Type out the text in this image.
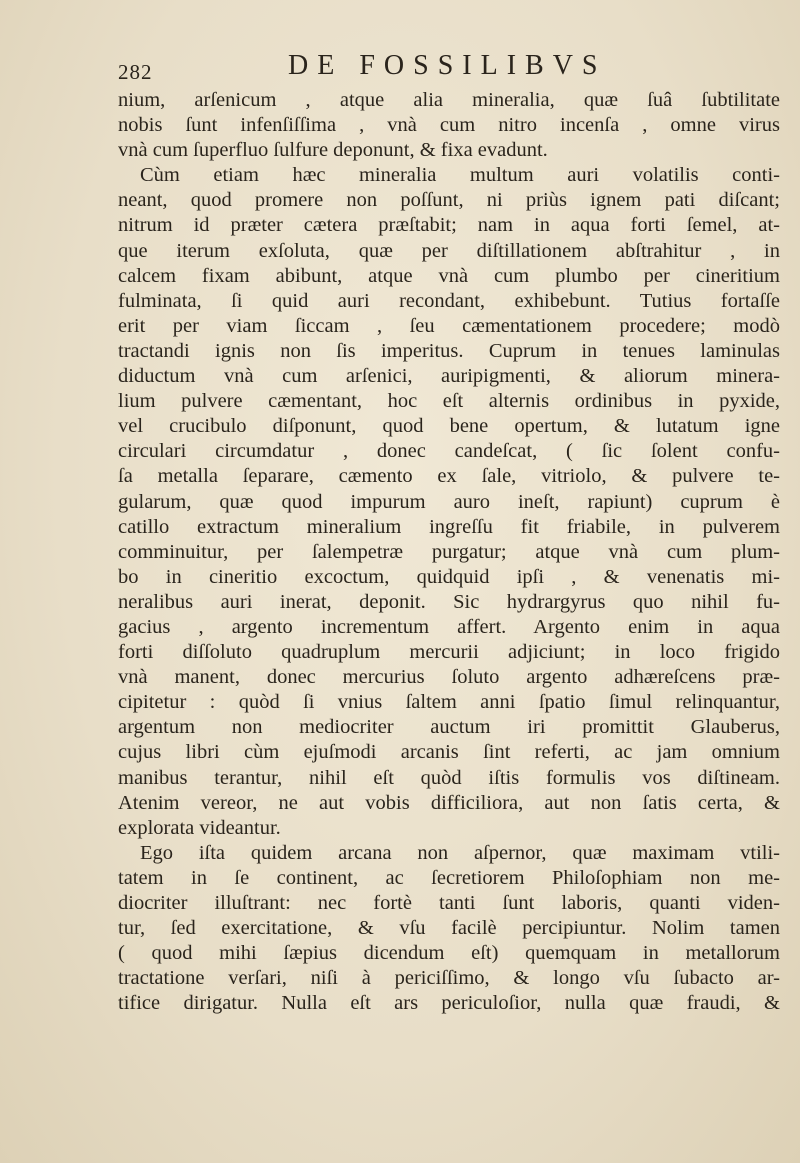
282	DE FOSSILIBVS
nium, arſenicum , atque alia mineralia, quæ ſuâ ſubtilitate
nobis ſunt infenſiſſima , vnà cum nitro incenſa , omne virus
vnà cum ſuperfluo ſulfure deponunt, & fixa evadunt.
Cùm etiam hæc mineralia multum auri volatilis conti-
neant, quod promere non poſſunt, ni priùs ignem pati diſcant;
nitrum id præter cætera præſtabit; nam in aqua forti ſemel, at-
que iterum exſoluta, quæ per diſtillationem abſtrahitur , in
calcem fixam abibunt, atque vnà cum plumbo per cineritium
fulminata, ſi quid auri recondant, exhibebunt. Tutius fortaſſe
erit per viam ſiccam , ſeu cæmentationem procedere; modò
tractandi ignis non ſis imperitus. Cuprum in tenues laminulas
diductum vnà cum arſenici, auripigmenti, & aliorum minera-
lium pulvere cæmentant, hoc eſt alternis ordinibus in pyxide,
vel crucibulo diſponunt, quod bene opertum, & lutatum igne
circulari circumdatur , donec candeſcat, ( ſic ſolent confu-
ſa metalla ſeparare, cæmento ex ſale, vitriolo, & pulvere te-
gularum, quæ quod impurum auro ineſt, rapiunt) cuprum è
catillo extractum mineralium ingreſſu fit friabile, in pulverem
comminuitur, per ſalempetræ purgatur; atque vnà cum plum-
bo in cineritio excoctum, quidquid ipſi , & venenatis mi-
neralibus auri inerat, deponit. Sic hydrargyrus quo nihil fu-
gacius , argento incrementum affert. Argento enim in aqua
forti diſſoluto quadruplum mercurii adjiciunt; in loco frigido
vnà manent, donec mercurius ſoluto argento adhæreſcens præ-
cipitetur : quòd ſi vnius ſaltem anni ſpatio ſimul relinquantur,
argentum non mediocriter auctum iri promittit Glauberus,
cujus libri cùm ejuſmodi arcanis ſint referti, ac jam omnium
manibus terantur, nihil eſt quòd iſtis formulis vos diſtineam.
Atenim vereor, ne aut vobis difficiliora, aut non ſatis certa, &
explorata videantur.
Ego iſta quidem arcana non aſpernor, quæ maximam vtili-
tatem in ſe continent, ac ſecretiorem Philoſophiam non me-
diocriter illuſtrant: nec fortè tanti ſunt laboris, quanti viden-
tur, ſed exercitatione, & vſu facilè percipiuntur. Nolim tamen
( quod mihi ſæpius dicendum eſt) quemquam in metallorum
tractatione verſari, niſi à periciſſimo, & longo vſu ſubacto ar-
tifice dirigatur. Nulla eſt ars periculoſior, nulla quæ fraudi, &
